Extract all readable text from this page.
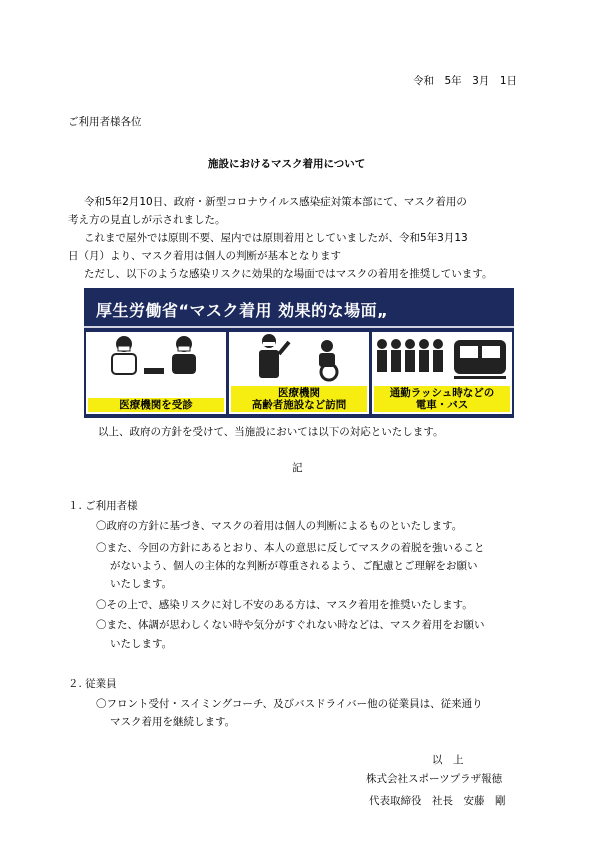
令和　5年　3月　1日
ご利用者様各位
施設におけるマスク着用について
令和5年2月10日、政府・新型コロナウイルス感染症対策本部にて、マスク着用の
考え方の見直しが示されました。
これまで屋外では原則不要、屋内では原則着用としていましたが、令和5年3月13
日（月）より、マスク着用は個人の判断が基本となります
ただし、以下のような感染リスクに効果的な場面ではマスクの着用を推奨しています。
厚生労働省“マスク着用 効果的な場面„
医療機関を受診
医療機関
高齢者施設など訪問
通勤ラッシュ時などの
電車・バス
以上、政府の方針を受けて、当施設においては以下の対応といたします。
記
１. ご利用者様
〇政府の方針に基づき、マスクの着用は個人の判断によるものといたします。
〇また、今回の方針にあるとおり、本人の意思に反してマスクの着脱を強いること
がないよう、個人の主体的な判断が尊重されるよう、ご配慮とご理解をお願い
いたします。
〇その上で、感染リスクに対し不安のある方は、マスク着用を推奨いたします。
〇また、体調が思わしくない時や気分がすぐれない時などは、マスク着用をお願い
いたします。
２. 従業員
〇フロント受付・スイミングコーチ、及びバスドライバー他の従業員は、従来通り
マスク着用を継続します。
以　上
株式会社スポーツプラザ報徳
代表取締役　社長　安藤　剛
